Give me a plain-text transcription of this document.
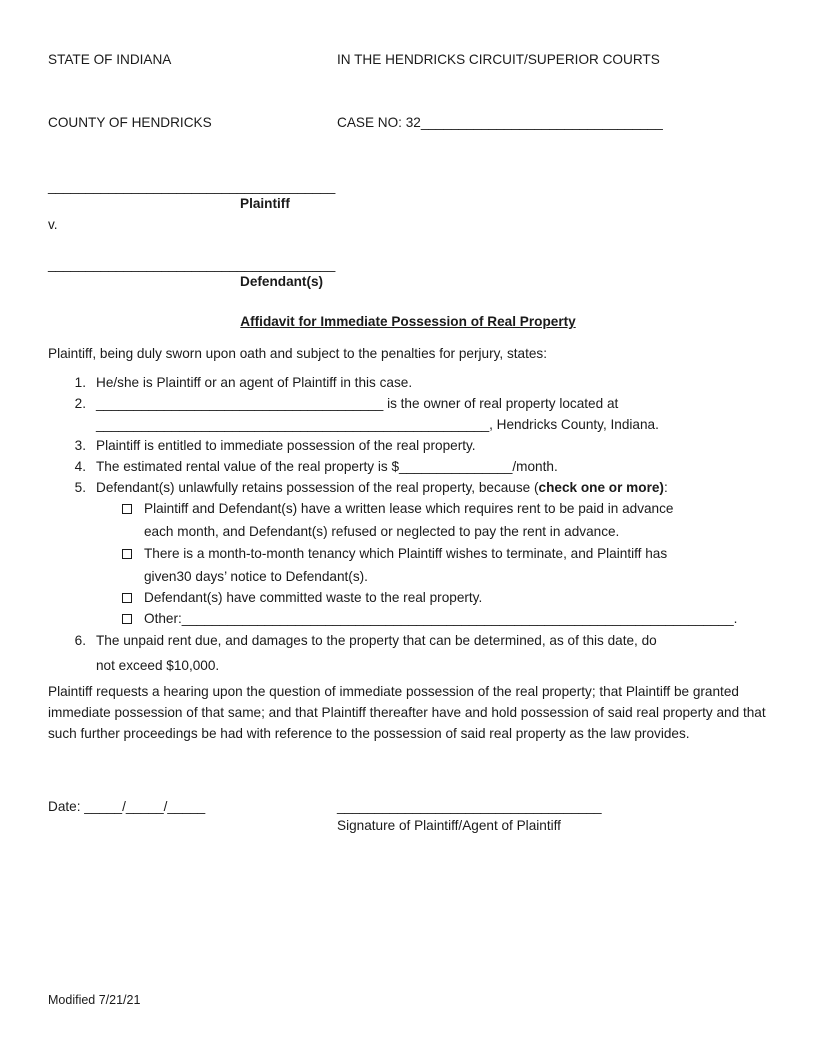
STATE OF INDIANA	IN THE HENDRICKS CIRCUIT/SUPERIOR COURTS
COUNTY OF HENDRICKS	CASE NO: 32________________________________
______________________________________
Plaintiff
v.
______________________________________
Defendant(s)
Affidavit for Immediate Possession of Real Property
Plaintiff, being duly sworn upon oath and subject to the penalties for perjury, states:
1. He/she is Plaintiff or an agent of Plaintiff in this case.
2. ______________________________________ is the owner of real property located at
____________________________________________________, Hendricks County, Indiana.
3. Plaintiff is entitled to immediate possession of the real property.
4. The estimated rental value of the real property is $_______________/month.
5. Defendant(s) unlawfully retains possession of the real property, because (check one or more):
Plaintiff and Defendant(s) have a written lease which requires rent to be paid in advance
each month, and Defendant(s) refused or neglected to pay the rent in advance.
There is a month-to-month tenancy which Plaintiff wishes to terminate, and Plaintiff has
given30 days’ notice to Defendant(s).
Defendant(s) have committed waste to the real property.
Other:_________________________________________________________________________.
6. The unpaid rent due, and damages to the property that can be determined, as of this date, do
not exceed $10,000.
Plaintiff requests a hearing upon the question of immediate possession of the real property; that Plaintiff be granted immediate possession of that same; and that Plaintiff thereafter have and hold possession of said real property and that such further proceedings be had with reference to the possession of said real property as the law provides.
Date: _____/_____/_____	___________________________________
Signature of Plaintiff/Agent of Plaintiff
Modified 7/21/21
